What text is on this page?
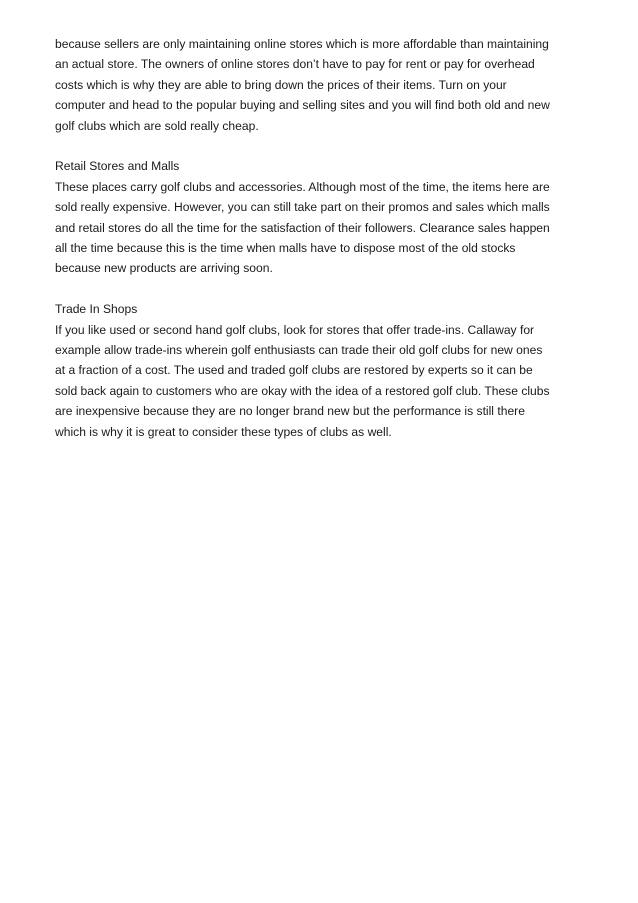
because sellers are only maintaining online stores which is more affordable than maintaining
an actual store. The owners of online stores don’t have to pay for rent or pay for overhead
costs which is why they are able to bring down the prices of their items. Turn on your
computer and head to the popular buying and selling sites and you will find both old and new
golf clubs which are sold really cheap.

Retail Stores and Malls
These places carry golf clubs and accessories. Although most of the time, the items here are
sold really expensive. However, you can still take part on their promos and sales which malls
and retail stores do all the time for the satisfaction of their followers. Clearance sales happen
all the time because this is the time when malls have to dispose most of the old stocks
because new products are arriving soon.

Trade In Shops
If you like used or second hand golf clubs, look for stores that offer trade-ins. Callaway for
example allow trade-ins wherein golf enthusiasts can trade their old golf clubs for new ones
at a fraction of a cost. The used and traded golf clubs are restored by experts so it can be
sold back again to customers who are okay with the idea of a restored golf club. These clubs
are inexpensive because they are no longer brand new but the performance is still there
which is why it is great to consider these types of clubs as well.
